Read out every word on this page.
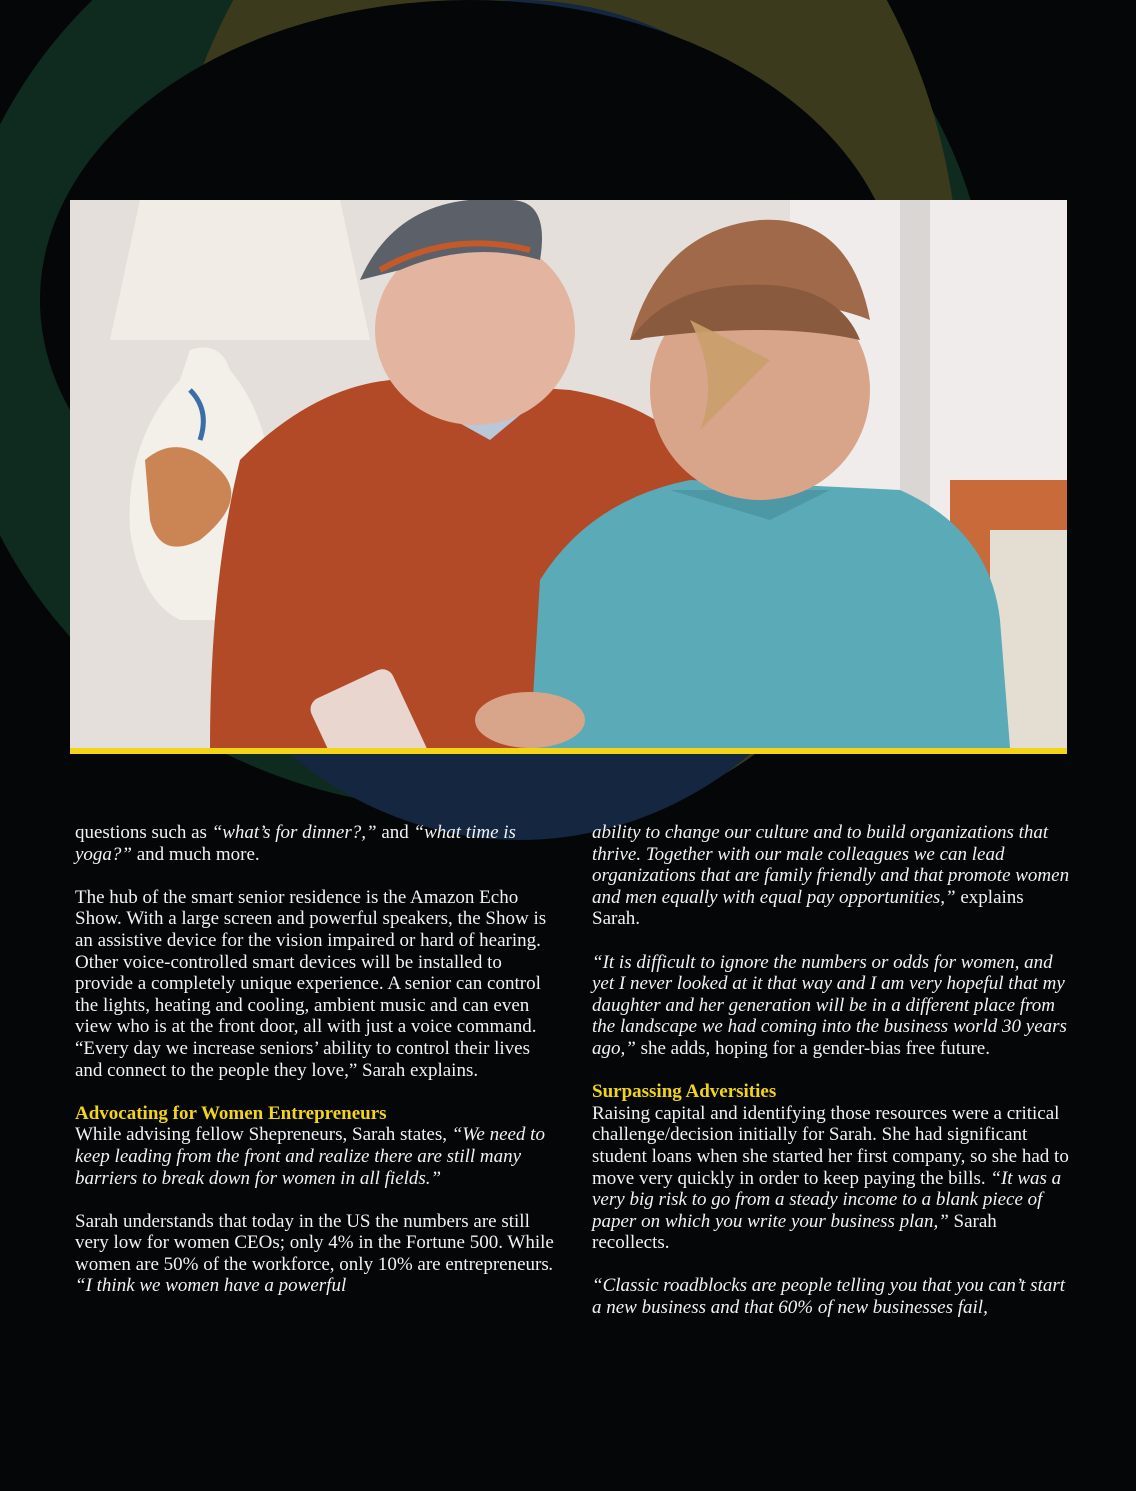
questions such as “what’s for dinner?,” and “what time is yoga?” and much more.

The hub of the smart senior residence is the Amazon Echo Show. With a large screen and powerful speakers, the Show is an assistive device for the vision impaired or hard of hearing. Other voice-controlled smart devices will be installed to provide a completely unique experience. A senior can control the lights, heating and cooling, ambient music and can even view who is at the front door, all with just a voice command. “Every day we increase seniors’ ability to control their lives and connect to the people they love,” Sarah explains.

Advocating for Women Entrepreneurs

While advising fellow Shepreneurs, Sarah states, “We need to keep leading from the front and realize there are still many barriers to break down for women in all fields.”

Sarah understands that today in the US the numbers are still very low for women CEOs; only 4% in the Fortune 500. While women are 50% of the workforce, only 10% are entrepreneurs. “I think we women have a powerful

ability to change our culture and to build organizations that thrive. Together with our male colleagues we can lead organizations that are family friendly and that promote women and men equally with equal pay opportunities,” explains Sarah.

“It is difficult to ignore the numbers or odds for women, and yet I never looked at it that way and I am very hopeful that my daughter and her generation will be in a different place from the landscape we had coming into the business world 30 years ago,” she adds, hoping for a gender-bias free future.

Surpassing Adversities

Raising capital and identifying those resources were a critical challenge/decision initially for Sarah. She had significant student loans when she started her first company, so she had to move very quickly in order to keep paying the bills. “It was a very big risk to go from a steady income to a blank piece of paper on which you write your business plan,” Sarah recollects.

“Classic roadblocks are people telling you that you can’t start a new business and that 60% of new businesses fail,
